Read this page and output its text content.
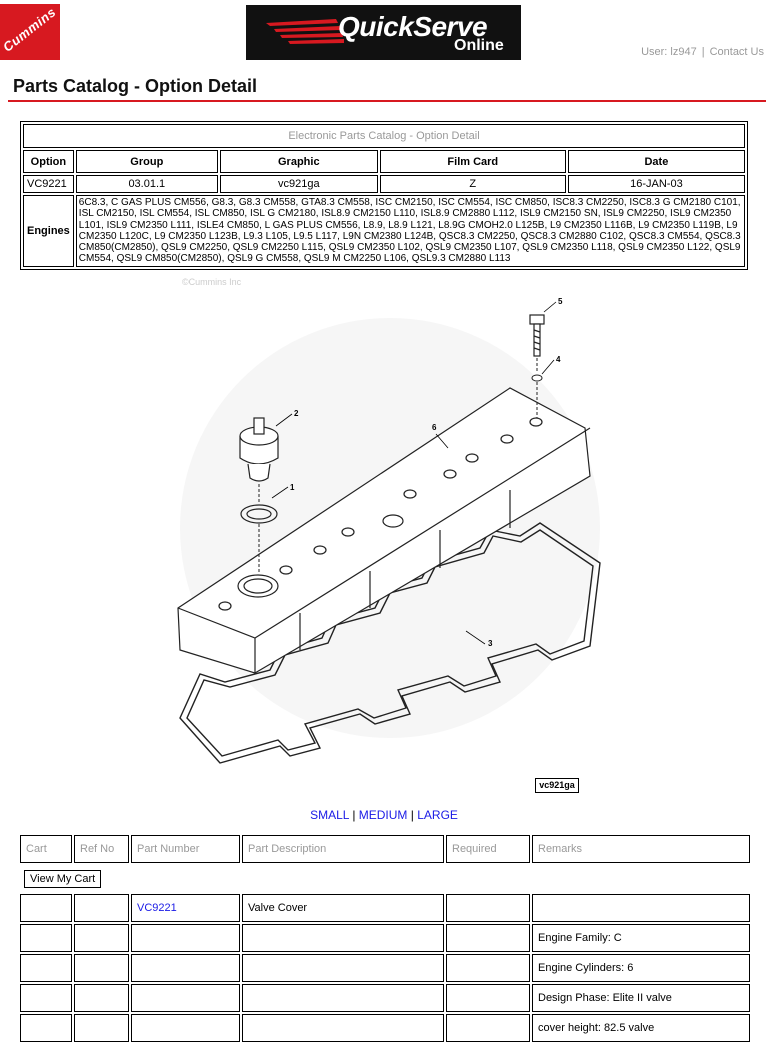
Cummins	QuickServe
Online	User: lz947 | Contact Us
Parts Catalog - Option Detail
Electronic Parts Catalog - Option Detail				
Option	Group	Graphic	Film Card	Date
VC9221	03.01.1	vc921ga	Z	16-JAN-03
Engines	6C8.3, C GAS PLUS CM556, G8.3, G8.3 CM558, GTA8.3 CM558, ISC CM2150, ISC CM554, ISC CM850, ISC8.3 CM2250, ISC8.3 G CM2180 C101, ISL CM2150, ISL CM554, ISL CM850, ISL G CM2180, ISL8.9 CM2150 L110, ISL8.9 CM2880 L112, ISL9 CM2150 SN, ISL9 CM2250, ISL9 CM2350 L101, ISL9 CM2350 L111, ISLE4 CM850, L GAS PLUS CM556, L8.9, L8.9 L121, L8.9G CMOH2.0 L125B, L9 CM2350 L116B, L9 CM2350 L119B, L9 CM2350 L120C, L9 CM2350 L123B, L9.3 L105, L9.5 L117, L9N CM2380 L124B, QSC8.3 CM2250, QSC8.3 CM2880 C102, QSC8.3 CM554, QSC8.3 CM850(CM2850), QSL9 CM2250, QSL9 CM2250 L115, QSL9 CM2350 L102, QSL9 CM2350 L107, QSL9 CM2350 L118, QSL9 CM2350 L122, QSL9 CM554, QSL9 CM850(CM2850), QSL9 G CM558, QSL9 M CM2250 L106, QSL9.3 CM2880 L113			
©Cummins Inc
1
2
3
4
5
6
vc921ga
SMALL | MEDIUM | LARGE
Cart	Ref No	Part Number	Part Description	Required	Remarks
View My Cart					
		VC9221	Valve Cover		
					Engine Family: C
					Engine Cylinders: 6
					Design Phase: Elite II valve
					cover height: 82.5 valve
